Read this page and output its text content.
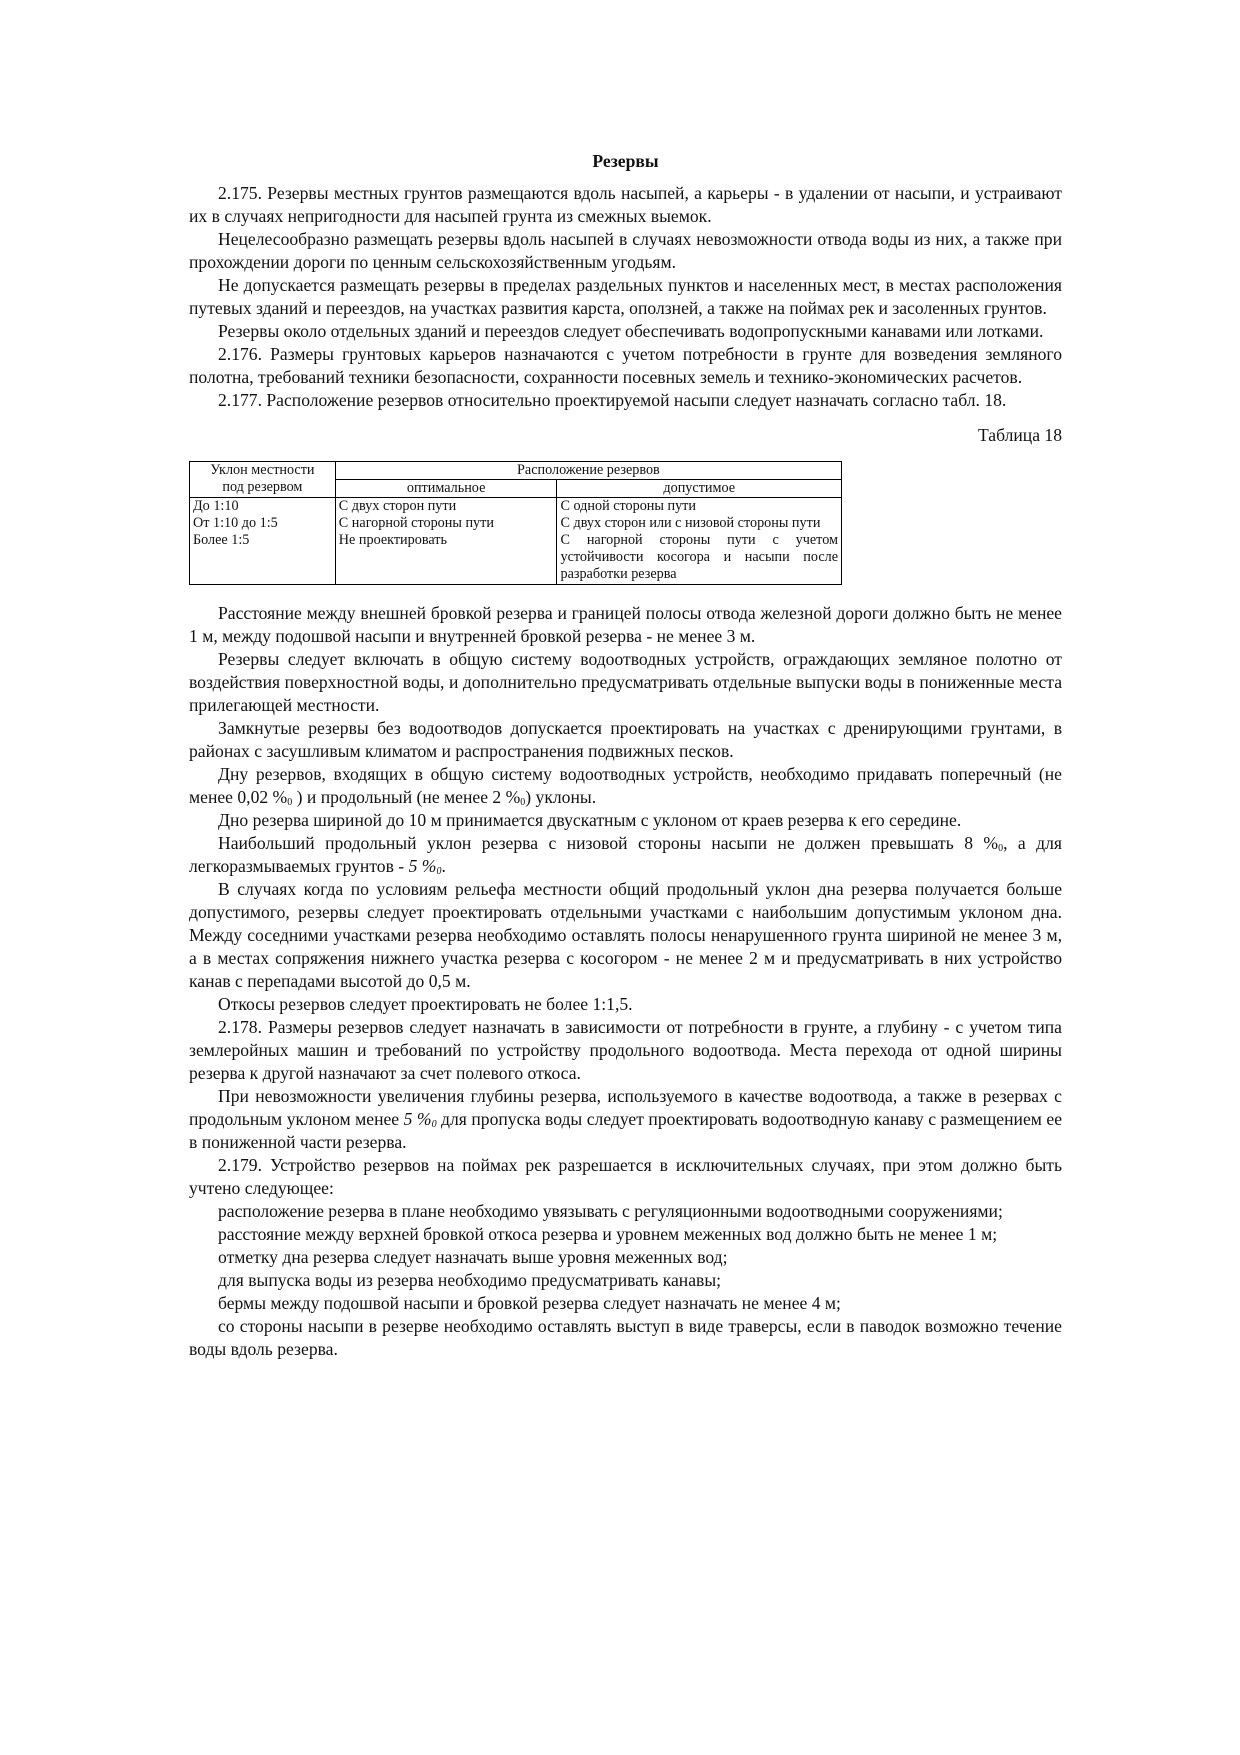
Резервы

2.175. Резервы местных грунтов размещаются вдоль насыпей, а карьеры - в удалении от насыпи, и устраивают их в случаях непригодности для насыпей грунта из смежных выемок.

Нецелесообразно размещать резервы вдоль насыпей в случаях невозможности отвода воды из них, а также при прохождении дороги по ценным сельскохозяйственным угодьям.

Не допускается размещать резервы в пределах раздельных пунктов и населенных мест, в местах расположения путевых зданий и переездов, на участках развития карста, оползней, а также на поймах рек и засоленных грунтов.

Резервы около отдельных зданий и переездов следует обеспечивать водопропускными канавами или лотками.

2.176. Размеры грунтовых карьеров назначаются с учетом потребности в грунте для возведения земляного полотна, требований техники безопасности, сохранности посевных земель и технико-экономических расчетов.

2.177. Расположение резервов относительно проектируемой насыпи следует назначать согласно табл. 18.

Таблица 18

Уклон местности
под резервом	Расположение резервов	
	оптимальное	допустимое
До 1:10	С двух сторон пути	С одной стороны пути
От 1:10 до 1:5	С нагорной стороны пути	С двух сторон или с низовой стороны пути
Более 1:5	Не проектировать	С нагорной стороны пути с учетом устойчивости косогора и насыпи после разработки резерва

Расстояние между внешней бровкой резерва и границей полосы отвода железной дороги должно быть не менее 1 м, между подошвой насыпи и внутренней бровкой резерва - не менее 3 м.

Резервы следует включать в общую систему водоотводных устройств, ограждающих земляное полотно от воздействия поверхностной воды, и дополнительно предусматривать отдельные выпуски воды в пониженные места прилегающей местности.

Замкнутые резервы без водоотводов допускается проектировать на участках с дренирующими грунтами, в районах с засушливым климатом и распространения подвижных песков.

Дну резервов, входящих в общую систему водоотводных устройств, необходимо придавать поперечный (не менее 0,02 $\%_0$ ) и продольный (не менее 2 $\%_0$) уклоны.

Дно резерва шириной до 10 м принимается двускатным с уклоном от краев резерва к его середине.

Наибольший продольный уклон резерва с низовой стороны насыпи не должен превышать 8 $\%_0$, а для легкоразмываемых грунтов - 5 $\%_0$.

В случаях когда по условиям рельефа местности общий продольный уклон дна резерва получается больше допустимого, резервы следует проектировать отдельными участками с наибольшим допустимым уклоном дна. Между соседними участками резерва необходимо оставлять полосы ненарушенного грунта шириной не менее 3 м, а в местах сопряжения нижнего участка резерва с косогором - не менее 2 м и предусматривать в них устройство канав с перепадами высотой до 0,5 м.

Откосы резервов следует проектировать не более 1:1,5.

2.178. Размеры резервов следует назначать в зависимости от потребности в грунте, а глубину - с учетом типа землеройных машин и требований по устройству продольного водоотвода. Места перехода от одной ширины резерва к другой назначают за счет полевого откоса.

При невозможности увеличения глубины резерва, используемого в качестве водоотвода, а также в резервах с продольным уклоном менее 5 $\%_0$ для пропуска воды следует проектировать водоотводную канаву с размещением ее в пониженной части резерва.

2.179. Устройство резервов на поймах рек разрешается в исключительных случаях, при этом должно быть учтено следующее:

расположение резерва в плане необходимо увязывать с регуляционными водоотводными сооружениями;

расстояние между верхней бровкой откоса резерва и уровнем меженных вод должно быть не менее 1 м;

отметку дна резерва следует назначать выше уровня меженных вод;

для выпуска воды из резерва необходимо предусматривать канавы;

бермы между подошвой насыпи и бровкой резерва следует назначать не менее 4 м;

со стороны насыпи в резерве необходимо оставлять выступ в виде траверсы, если в паводок возможно течение воды вдоль резерва.
